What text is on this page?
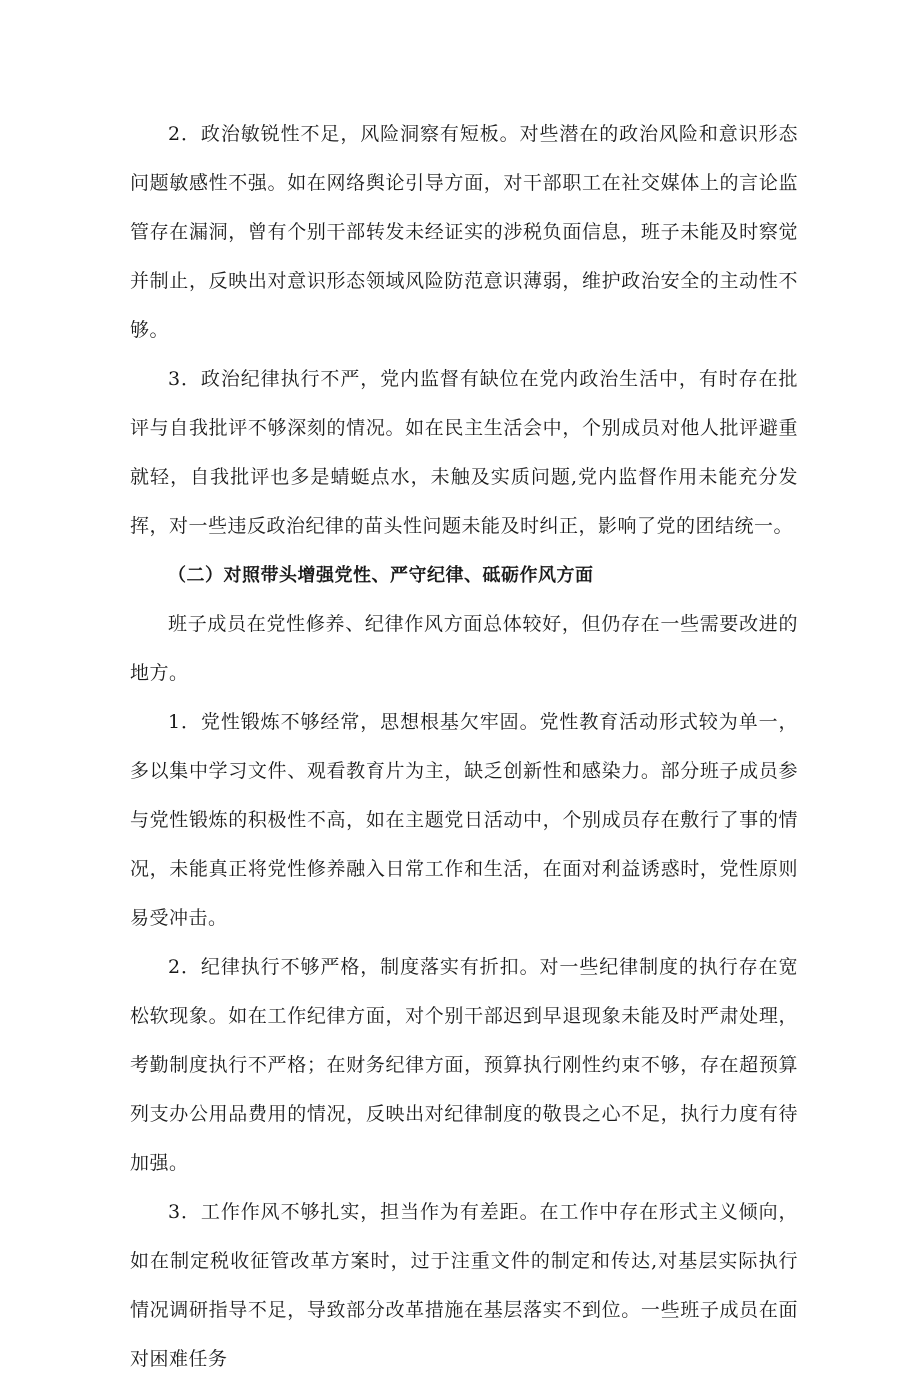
2．政治敏锐性不足，风险洞察有短板。对些潜在的政治风险和意识形态问题敏感性不强。如在网络舆论引导方面，对干部职工在社交媒体上的言论监管存在漏洞，曾有个别干部转发未经证实的涉税负面信息，班子未能及时察觉并制止，反映出对意识形态领域风险防范意识薄弱，维护政治安全的主动性不够。

3．政治纪律执行不严，党内监督有缺位在党内政治生活中，有时存在批评与自我批评不够深刻的情况。如在民主生活会中，个别成员对他人批评避重就轻，自我批评也多是蜻蜓点水，未触及实质问题,党内监督作用未能充分发挥，对一些违反政治纪律的苗头性问题未能及时纠正，影响了党的团结统一。

（二）对照带头增强党性、严守纪律、砥砺作风方面

班子成员在党性修养、纪律作风方面总体较好，但仍存在一些需要改进的地方。

1．党性锻炼不够经常，思想根基欠牢固。党性教育活动形式较为单一，多以集中学习文件、观看教育片为主，缺乏创新性和感染力。部分班子成员参与党性锻炼的积极性不高，如在主题党日活动中，个别成员存在敷行了事的情况，未能真正将党性修养融入日常工作和生活，在面对利益诱惑时，党性原则易受冲击。

2．纪律执行不够严格，制度落实有折扣。对一些纪律制度的执行存在宽松软现象。如在工作纪律方面，对个别干部迟到早退现象未能及时严肃处理，考勤制度执行不严格；在财务纪律方面，预算执行刚性约束不够，存在超预算列支办公用品费用的情况，反映出对纪律制度的敬畏之心不足，执行力度有待加强。

3．工作作风不够扎实，担当作为有差距。在工作中存在形式主义倾向，如在制定税收征管改革方案时，过于注重文件的制定和传达,对基层实际执行情况调研指导不足，导致部分改革措施在基层落实不到位。一些班子成员在面对困难任务
